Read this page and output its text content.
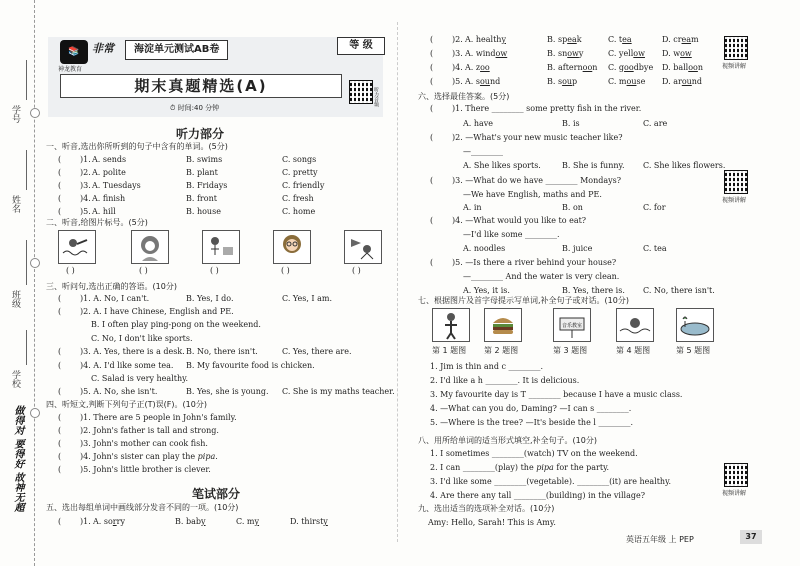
学号
姓名
班级
学校
做得对 要得好 故神无超
📚
神龙教育
非常	海淀单元测试AB卷	等 级
期末真题精选(A)
⏱ 时间:40 分钟
听力音频
听力部分
一、听音,选出你所听到的句子中含有的单词。(5分)
二、听音,给图片标号。(5分)
( )	( )	( )	( )	( )
三、听问句,选出正确的答语。(10分)
四、听短文,判断下列句子正(T)误(F)。(10分)
笔试部分
五、选出每组单词中画线部分发音不同的一项。(10分)
六、选择最佳答案。(5分)
七、根据图片及首字母提示写单词,补全句子或对话。(10分)
音乐教室
第 1 题图 第 2 题图	第 3 题图	第 4 题图	第 5 题图
八、用所给单词的适当形式填空,补全句子。(10分)
九、选出适当的选项补全对话。(10分)
Amy: Hello, Sarah! This is Amy.
视频讲解
视频讲解
视频讲解
英语五年级 上 PEP	37
( )1. A. sends	B. swims	C. songs
( )2. A. polite	B. plant	C. pretty
( )3. A. Tuesdays	B. Fridays	C. friendly
( )4. A. finish	B. front	C. fresh
( )5. A. hill	B. house	C. home
( )1. A. No, I can't.	B. Yes, I do.	C. Yes, I am.
( )2. A. I have Chinese, English and PE.
B. I often play ping-pong on the weekend.
C. No, I don't like sports.
( )3. A. Yes, there is a desk. B. No, there isn't.	C. Yes, there are.
( )4. A. I'd like some tea. B. My favourite food is chicken.
C. Salad is very healthy.
( )5. A. No, she isn't.	B. Yes, she is young. C. She is my maths teacher.
( )1. There are 5 people in John's family.
( )2. John's father is tall and strong.
( )3. John's mother can cook fish.
( )4. John's sister can play the pipa.
( )5. John's little brother is clever.
( )1. A. sorry	B. baby	C. my	D. thirsty
( )2. A. healthy	B. speak	C. tea	D. cream
( )3. A. window	B. snowy	C. yellow D. wow
( )4. A. zoo	B. afternoon C. goodbye D. balloon
( )5. A. sound	B. soup	C. mouse D. around
( )1. There ________ some pretty fish in the river.
A. have	B. is	C. are
( )2. —What's your new music teacher like?
—________
A. She likes sports.	B. She is funny. C. She likes flowers.
( )3. —What do we have ________ Mondays?
—We have English, maths and PE.
A. in	B. on	C. for
( )4. —What would you like to eat?
—I'd like some ________.
A. noodles	B. juice	C. tea
( )5. —Is there a river behind your house?
—________ And the water is very clean.
A. Yes, it is.	B. Yes, there is. C. No, there isn't.
1. Jim is thin and c ________.
2. I'd like a h ________. It is delicious.
3. My favourite day is T ________ because I have a music class.
4. —What can you do, Daming? —I can s ________.
5. —Where is the tree? —It's beside the l ________.
1. I sometimes ________(watch) TV on the weekend.
2. I can ________(play) the pipa for the party.
3. I'd like some ________(vegetable). ________(it) are healthy.
4. Are there any tall ________(building) in the village?
